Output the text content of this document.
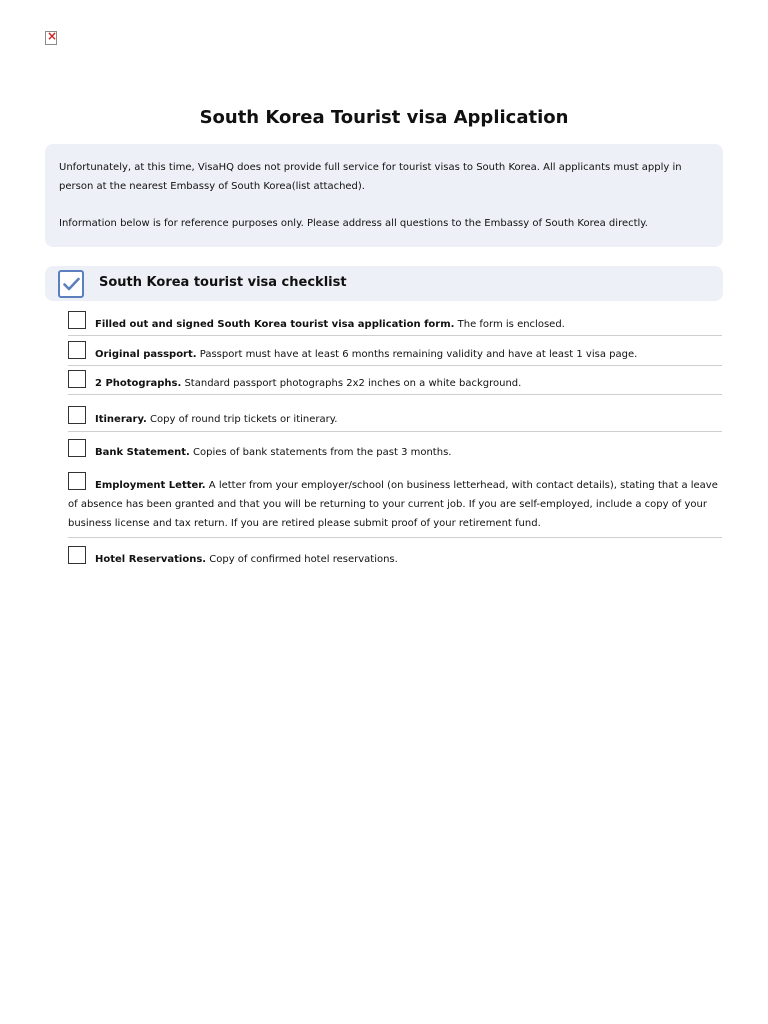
×
South Korea Tourist visa Application

Unfortunately, at this time, VisaHQ does not provide full service for tourist visas to South Korea. All applicants must apply in person at the nearest Embassy of South Korea(list attached).

Information below is for reference purposes only. Please address all questions to the Embassy of South Korea directly.

South Korea tourist visa checklist
Filled out and signed South Korea tourist visa application form. The form is enclosed.
Original passport. Passport must have at least 6 months remaining validity and have at least 1 visa page.
2 Photographs. Standard passport photographs 2x2 inches on a white background.
Itinerary. Copy of round trip tickets or itinerary.
Bank Statement. Copies of bank statements from the past 3 months.
Employment Letter. A letter from your employer/school (on business letterhead, with contact details), stating that a leave of absence has been granted and that you will be returning to your current job. If you are self-employed, include a copy of your business license and tax return. If you are retired please submit proof of your retirement fund.
Hotel Reservations. Copy of confirmed hotel reservations.
